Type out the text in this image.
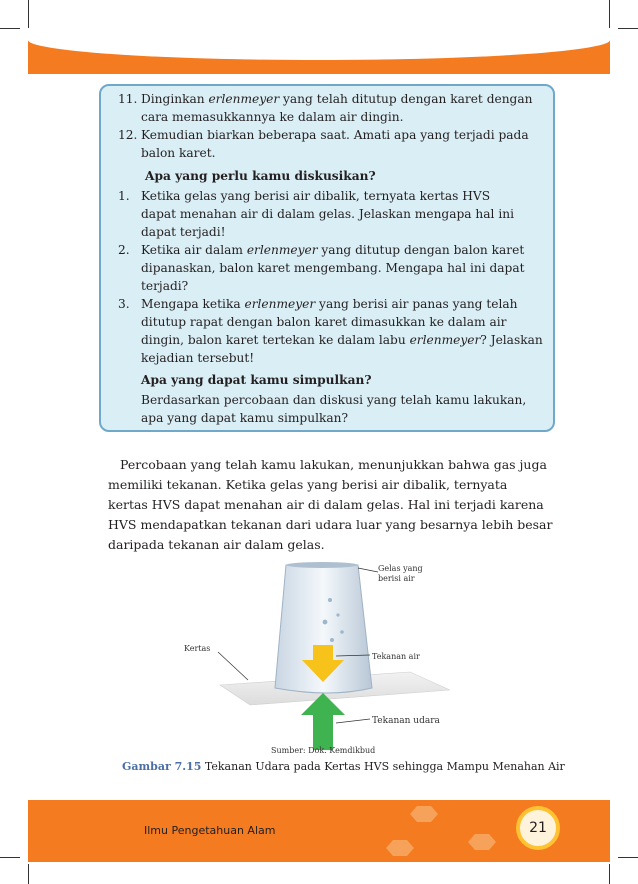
11. Dinginkan erlenmeyer yang telah ditutup dengan karet dengan
cara memasukkannya ke dalam air dingin.
12. Kemudian biarkan beberapa saat. Amati apa yang terjadi pada
balon karet.
Apa yang perlu kamu diskusikan?
1. Ketika gelas yang berisi air dibalik, ternyata kertas HVS
dapat menahan air di dalam gelas. Jelaskan mengapa hal ini
dapat terjadi!
2. Ketika air dalam erlenmeyer yang ditutup dengan balon karet
dipanaskan, balon karet mengembang. Mengapa hal ini dapat
terjadi?
3. Mengapa ketika erlenmeyer yang berisi air panas yang telah
ditutup rapat dengan balon karet dimasukkan ke dalam air
dingin, balon karet tertekan ke dalam labu erlenmeyer? Jelaskan
kejadian tersebut!
Apa yang dapat kamu simpulkan?
Berdasarkan percobaan dan diskusi yang telah kamu lakukan,
apa yang dapat kamu simpulkan?
Percobaan yang telah kamu lakukan, menunjukkan bahwa gas juga
memiliki tekanan. Ketika gelas yang berisi air dibalik, ternyata
kertas HVS dapat menahan air di dalam gelas. Hal ini terjadi karena
HVS mendapatkan tekanan dari udara luar yang besarnya lebih besar
daripada tekanan air dalam gelas.
Gelas yang
berisi air
Kertas
Tekanan air
Tekanan udara
Sumber: Dok. Kemdikbud
Gambar 7.15 Tekanan Udara pada Kertas HVS sehingga Mampu Menahan Air
Ilmu Pengetahuan Alam	21
